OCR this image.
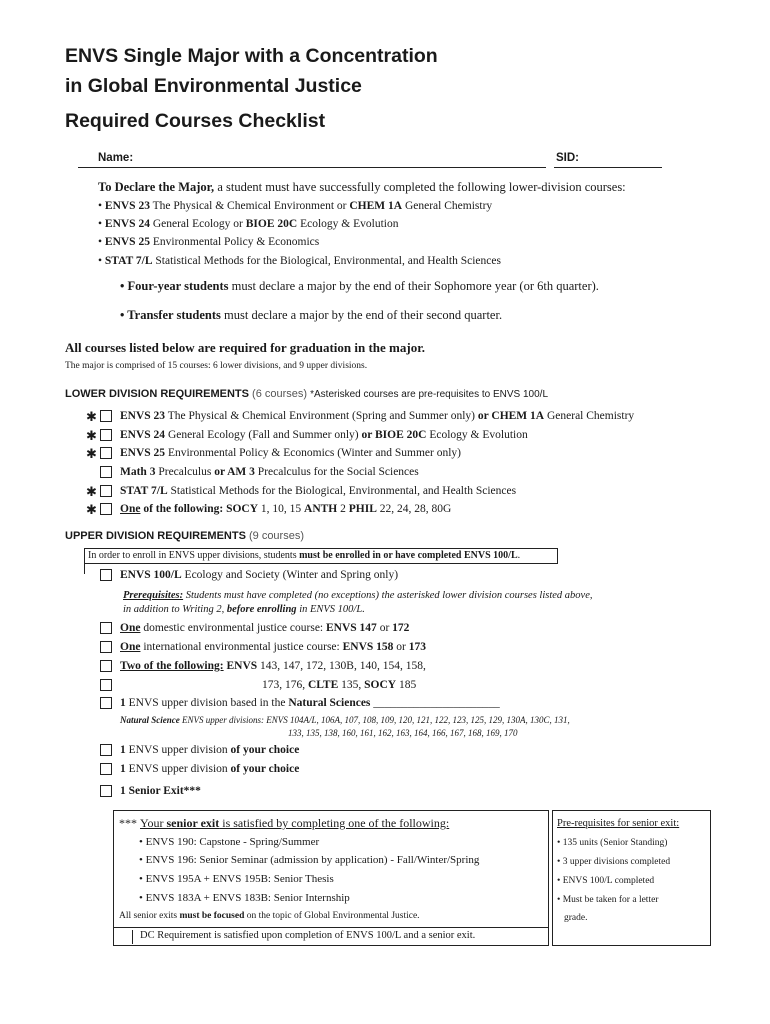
ENVS Single Major with a Concentration
in Global Environmental Justice
Required Courses Checklist
Name:	SID:
To Declare the Major, a student must have successfully completed the following lower-division courses:
• ENVS 23 The Physical & Chemical Environment or CHEM 1A General Chemistry
• ENVS 24 General Ecology or BIOE 20C Ecology & Evolution
• ENVS 25 Environmental Policy & Economics
• STAT 7/L Statistical Methods for the Biological, Environmental, and Health Sciences
• Four-year students must declare a major by the end of their Sophomore year (or 6th quarter).
• Transfer students must declare a major by the end of their second quarter.
All courses listed below are required for graduation in the major.
The major is comprised of 15 courses: 6 lower divisions, and 9 upper divisions.
LOWER DIVISION REQUIREMENTS (6 courses) *Asterisked courses are pre-requisites to ENVS 100/L
✱ ENVS 23 The Physical & Chemical Environment (Spring and Summer only) or CHEM 1A General Chemistry
✱ ENVS 24 General Ecology (Fall and Summer only) or BIOE 20C Ecology & Evolution
✱ ENVS 25 Environmental Policy & Economics (Winter and Summer only)
Math 3 Precalculus or AM 3 Precalculus for the Social Sciences
✱ STAT 7/L Statistical Methods for the Biological, Environmental, and Health Sciences
✱ One of the following: SOCY 1, 10, 15 ANTH 2 PHIL 22, 24, 28, 80G
UPPER DIVISION REQUIREMENTS (9 courses)
In order to enroll in ENVS upper divisions, students must be enrolled in or have completed ENVS 100/L.
ENVS 100/L Ecology and Society (Winter and Spring only)
Prerequisites: Students must have completed (no exceptions) the asterisked lower division courses listed above,
in addition to Writing 2, before enrolling in ENVS 100/L.
One domestic environmental justice course: ENVS 147 or 172
One international environmental justice course: ENVS 158 or 173
Two of the following: ENVS 143, 147, 172, 130B, 140, 154, 158,
173, 176, CLTE 135, SOCY 185
1 ENVS upper division based in the Natural Sciences ______________________
Natural Science ENVS upper divisions: ENVS 104A/L, 106A, 107, 108, 109, 120, 121, 122, 123, 125, 129, 130A, 130C, 131,
133, 135, 138, 160, 161, 162, 163, 164, 166, 167, 168, 169, 170
1 ENVS upper division of your choice
1 ENVS upper division of your choice
1 Senior Exit***
*** Your senior exit is satisfied by completing one of the following:
• ENVS 190: Capstone - Spring/Summer
• ENVS 196: Senior Seminar (admission by application) - Fall/Winter/Spring
• ENVS 195A + ENVS 195B: Senior Thesis
• ENVS 183A + ENVS 183B: Senior Internship
All senior exits must be focused on the topic of Global Environmental Justice.
DC Requirement is satisfied upon completion of ENVS 100/L and a senior exit.
Pre-requisites for senior exit:
• 135 units (Senior Standing)
• 3 upper divisions completed
• ENVS 100/L completed
• Must be taken for a letter
grade.
